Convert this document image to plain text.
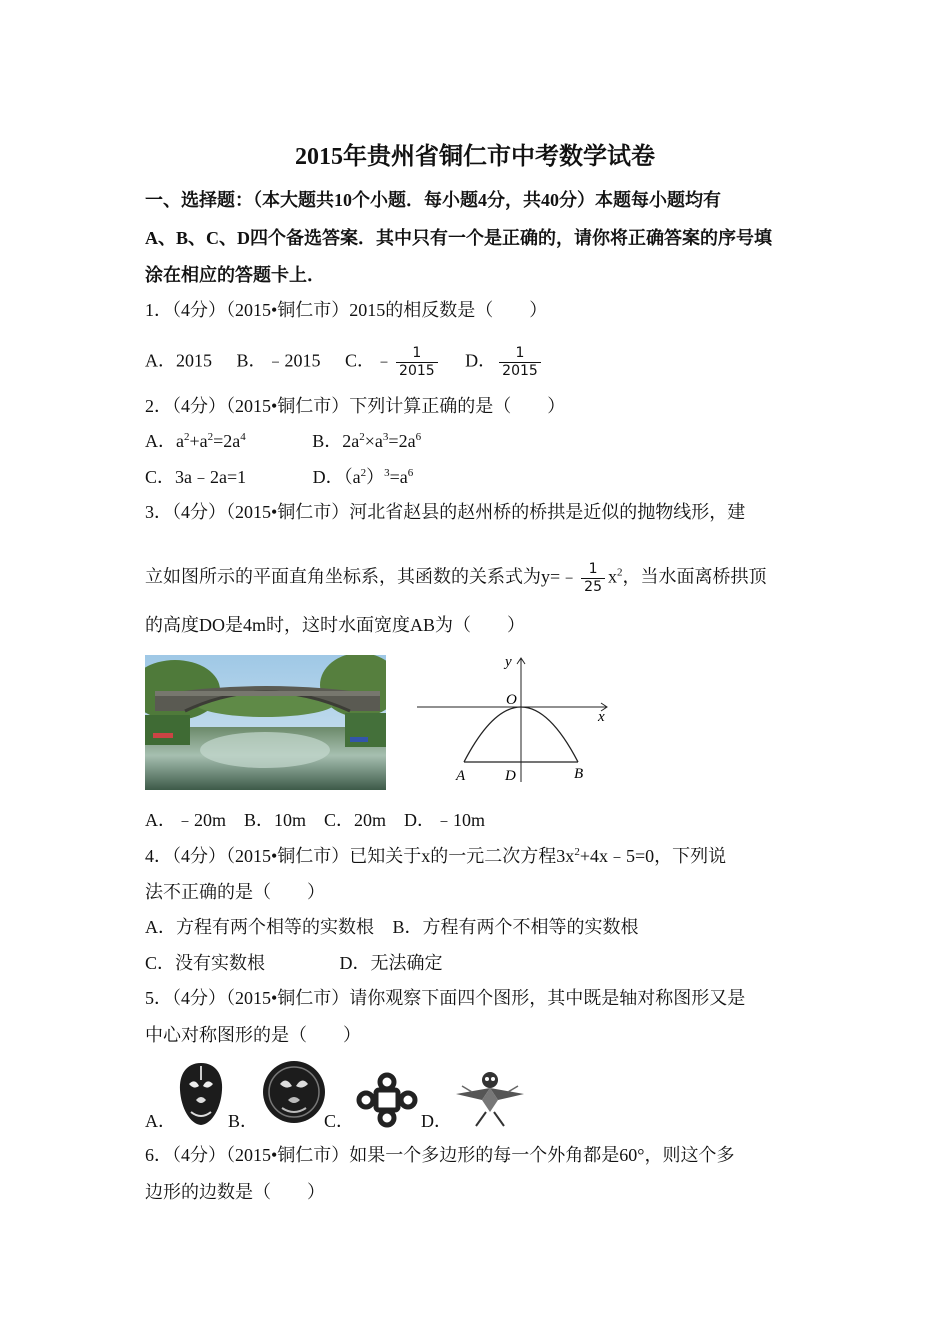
2015年贵州省铜仁市中考数学试卷
一、选择题：（本大题共10个小题．每小题4分，共40分）本题每小题均有
A、B、C、D四个备选答案．其中只有一个是正确的，请你将正确答案的序号填
涂在相应的答题卡上．
1．（4分）（2015•铜仁市）2015的相反数是（　　）
A．2015 B．﹣2015 C．﹣ $\frac{1}{2015}$ D． $\frac{1}{2015}$
2．（4分）（2015•铜仁市）下列计算正确的是（　　）
A．$a^2+a^2=2a^4$	B．$2a^2\times a^3=2a^6$
C．3a﹣2a=1	D．$(a^2)^3=a^6$
3．（4分）（2015•铜仁市）河北省赵县的赵州桥的桥拱是近似的抛物线形，建
立如图所示的平面直角坐标系，其函数的关系式为y=﹣ $\frac{1}{25} x^2$，当水面离桥拱顶
的高度DO是4m时，这时水面宽度AB为（　　）
y
x
O
A	D	B
A．﹣20m　B．10m　C．20m　D．﹣10m
4．（4分）（2015•铜仁市）已知关于x的一元二次方程$3x^2+4x﹣5=0$，下列说
法不正确的是（　　）
A．方程有两个相等的实数根 B．方程有两个不相等的实数根
C．没有实数根	D．无法确定
5．（4分）（2015•铜仁市）请你观察下面四个图形，其中既是轴对称图形又是
中心对称图形的是（　　）
A．	B．	C．	D．
6．（4分）（2015•铜仁市）如果一个多边形的每一个外角都是60°，则这个多
边形的边数是（　　）
